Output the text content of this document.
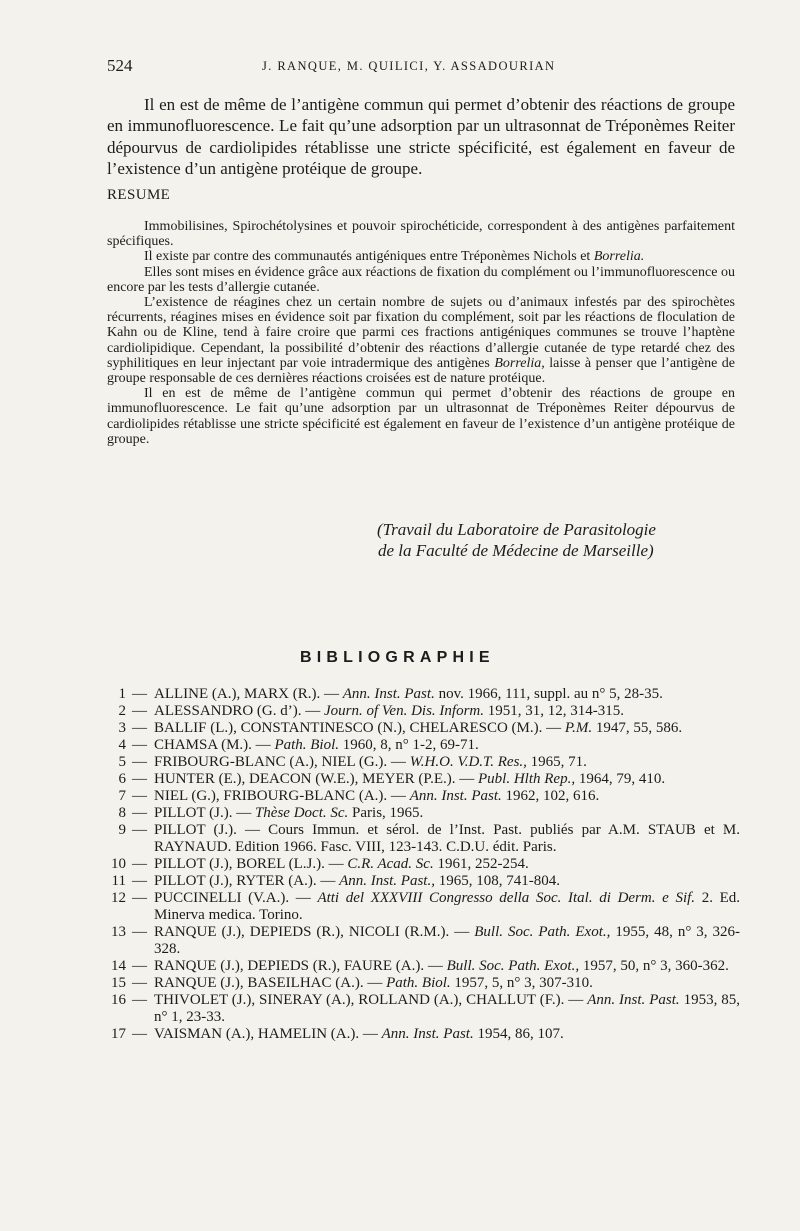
524	J. RANQUE, M. QUILICI, Y. ASSADOURIAN

Il en est de même de l’antigène commun qui permet d’obtenir des réactions de groupe en immunofluorescence. Le fait qu’une adsorption par un ultrasonnat de Tréponèmes Reiter dépourvus de cardiolipides rétablisse une stricte spécificité, est également en faveur de l’existence d’un antigène protéique de groupe.

RESUME

Immobilisines, Spirochétolysines et pouvoir spirochéticide, correspondent à des antigènes parfaitement spécifiques.

Il existe par contre des communautés antigéniques entre Tréponèmes Nichols et Borrelia.

Elles sont mises en évidence grâce aux réactions de fixation du complément ou l’immunofluorescence ou encore par les tests d’allergie cutanée.

L’existence de réagines chez un certain nombre de sujets ou d’animaux infestés par des spirochètes récurrents, réagines mises en évidence soit par fixation du complément, soit par les réactions de floculation de Kahn ou de Kline, tend à faire croire que parmi ces fractions antigéniques communes se trouve l’haptène cardiolipidique. Cependant, la possibilité d’obtenir des réactions d’allergie cutanée de type retardé chez des syphilitiques en leur injectant par voie intradermique des antigènes Borrelia, laisse à penser que l’antigène de groupe responsable de ces dernières réactions croisées est de nature protéique.

Il en est de même de l’antigène commun qui permet d’obtenir des réactions de groupe en immunofluorescence. Le fait qu’une adsorption par un ultrasonnat de Tréponèmes Reiter dépourvus de cardiolipides rétablisse une stricte spécificité est également en faveur de l’existence d’un antigène protéique de groupe.

(Travail du Laboratoire de Parasitologie
de la Faculté de Médecine de Marseille)
BIBLIOGRAPHIE

1 — ALLINE (A.), MARX (R.). — Ann. Inst. Past. nov. 1966, 111, suppl. au n° 5, 28-35.

2 — ALESSANDRO (G. d’). — Journ. of Ven. Dis. Inform. 1951, 31, 12, 314-315.

3 — BALLIF (L.), CONSTANTINESCO (N.), CHELARESCO (M.). — P.M. 1947, 55, 586.

4 — CHAMSA (M.). — Path. Biol. 1960, 8, n° 1-2, 69-71.

5 — FRIBOURG-BLANC (A.), NIEL (G.). — W.H.O. V.D.T. Res., 1965, 71.

6 — HUNTER (E.), DEACON (W.E.), MEYER (P.E.). — Publ. Hlth Rep., 1964, 79, 410.

7 — NIEL (G.), FRIBOURG-BLANC (A.). — Ann. Inst. Past. 1962, 102, 616.

8 — PILLOT (J.). — Thèse Doct. Sc. Paris, 1965.

9 — PILLOT (J.). — Cours Immun. et sérol. de l’Inst. Past. publiés par A.M. STAUB et M. RAYNAUD. Edition 1966. Fasc. VIII, 123-143. C.D.U. édit. Paris.

10 — PILLOT (J.), BOREL (L.J.). — C.R. Acad. Sc. 1961, 252-254.

11 — PILLOT (J.), RYTER (A.). — Ann. Inst. Past., 1965, 108, 741-804.

12 — PUCCINELLI (V.A.). — Atti del XXXVIII Congresso della Soc. Ital. di Derm. e Sif. 2. Ed. Minerva medica. Torino.

13 — RANQUE (J.), DEPIEDS (R.), NICOLI (R.M.). — Bull. Soc. Path. Exot., 1955, 48, n° 3, 326-328.

14 — RANQUE (J.), DEPIEDS (R.), FAURE (A.). — Bull. Soc. Path. Exot., 1957, 50, n° 3, 360-362.

15 — RANQUE (J.), BASEILHAC (A.). — Path. Biol. 1957, 5, n° 3, 307-310.

16 — THIVOLET (J.), SINERAY (A.), ROLLAND (A.), CHALLUT (F.). — Ann. Inst. Past. 1953, 85, n° 1, 23-33.

17 — VAISMAN (A.), HAMELIN (A.). — Ann. Inst. Past. 1954, 86, 107.
